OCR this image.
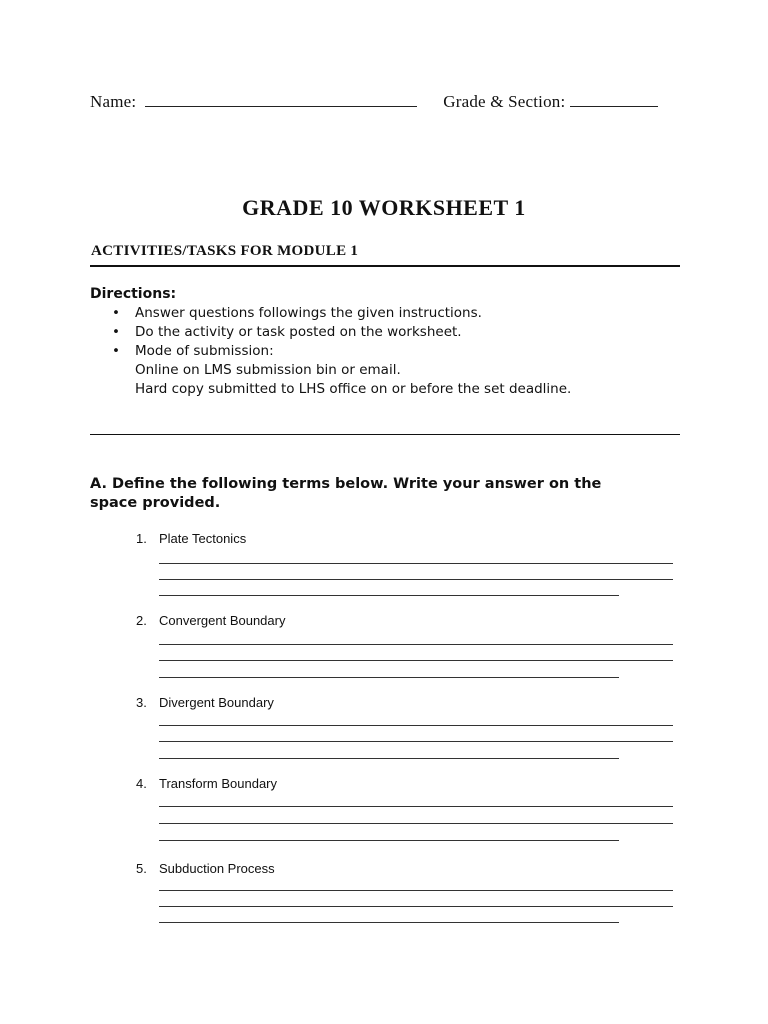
Name:	Grade & Section:
GRADE 10 WORKSHEET 1
ACTIVITIES/TASKS FOR MODULE 1
Directions:
• Answer questions followings the given instructions.
• Do the activity or task posted on the worksheet.
• Mode of submission:
Online on LMS submission bin or email.
Hard copy submitted to LHS office on or before the set deadline.
A. Define the following terms below. Write your answer on the space provided.
1. Plate Tectonics
2. Convergent Boundary
3. Divergent Boundary
4. Transform Boundary
5. Subduction Process
